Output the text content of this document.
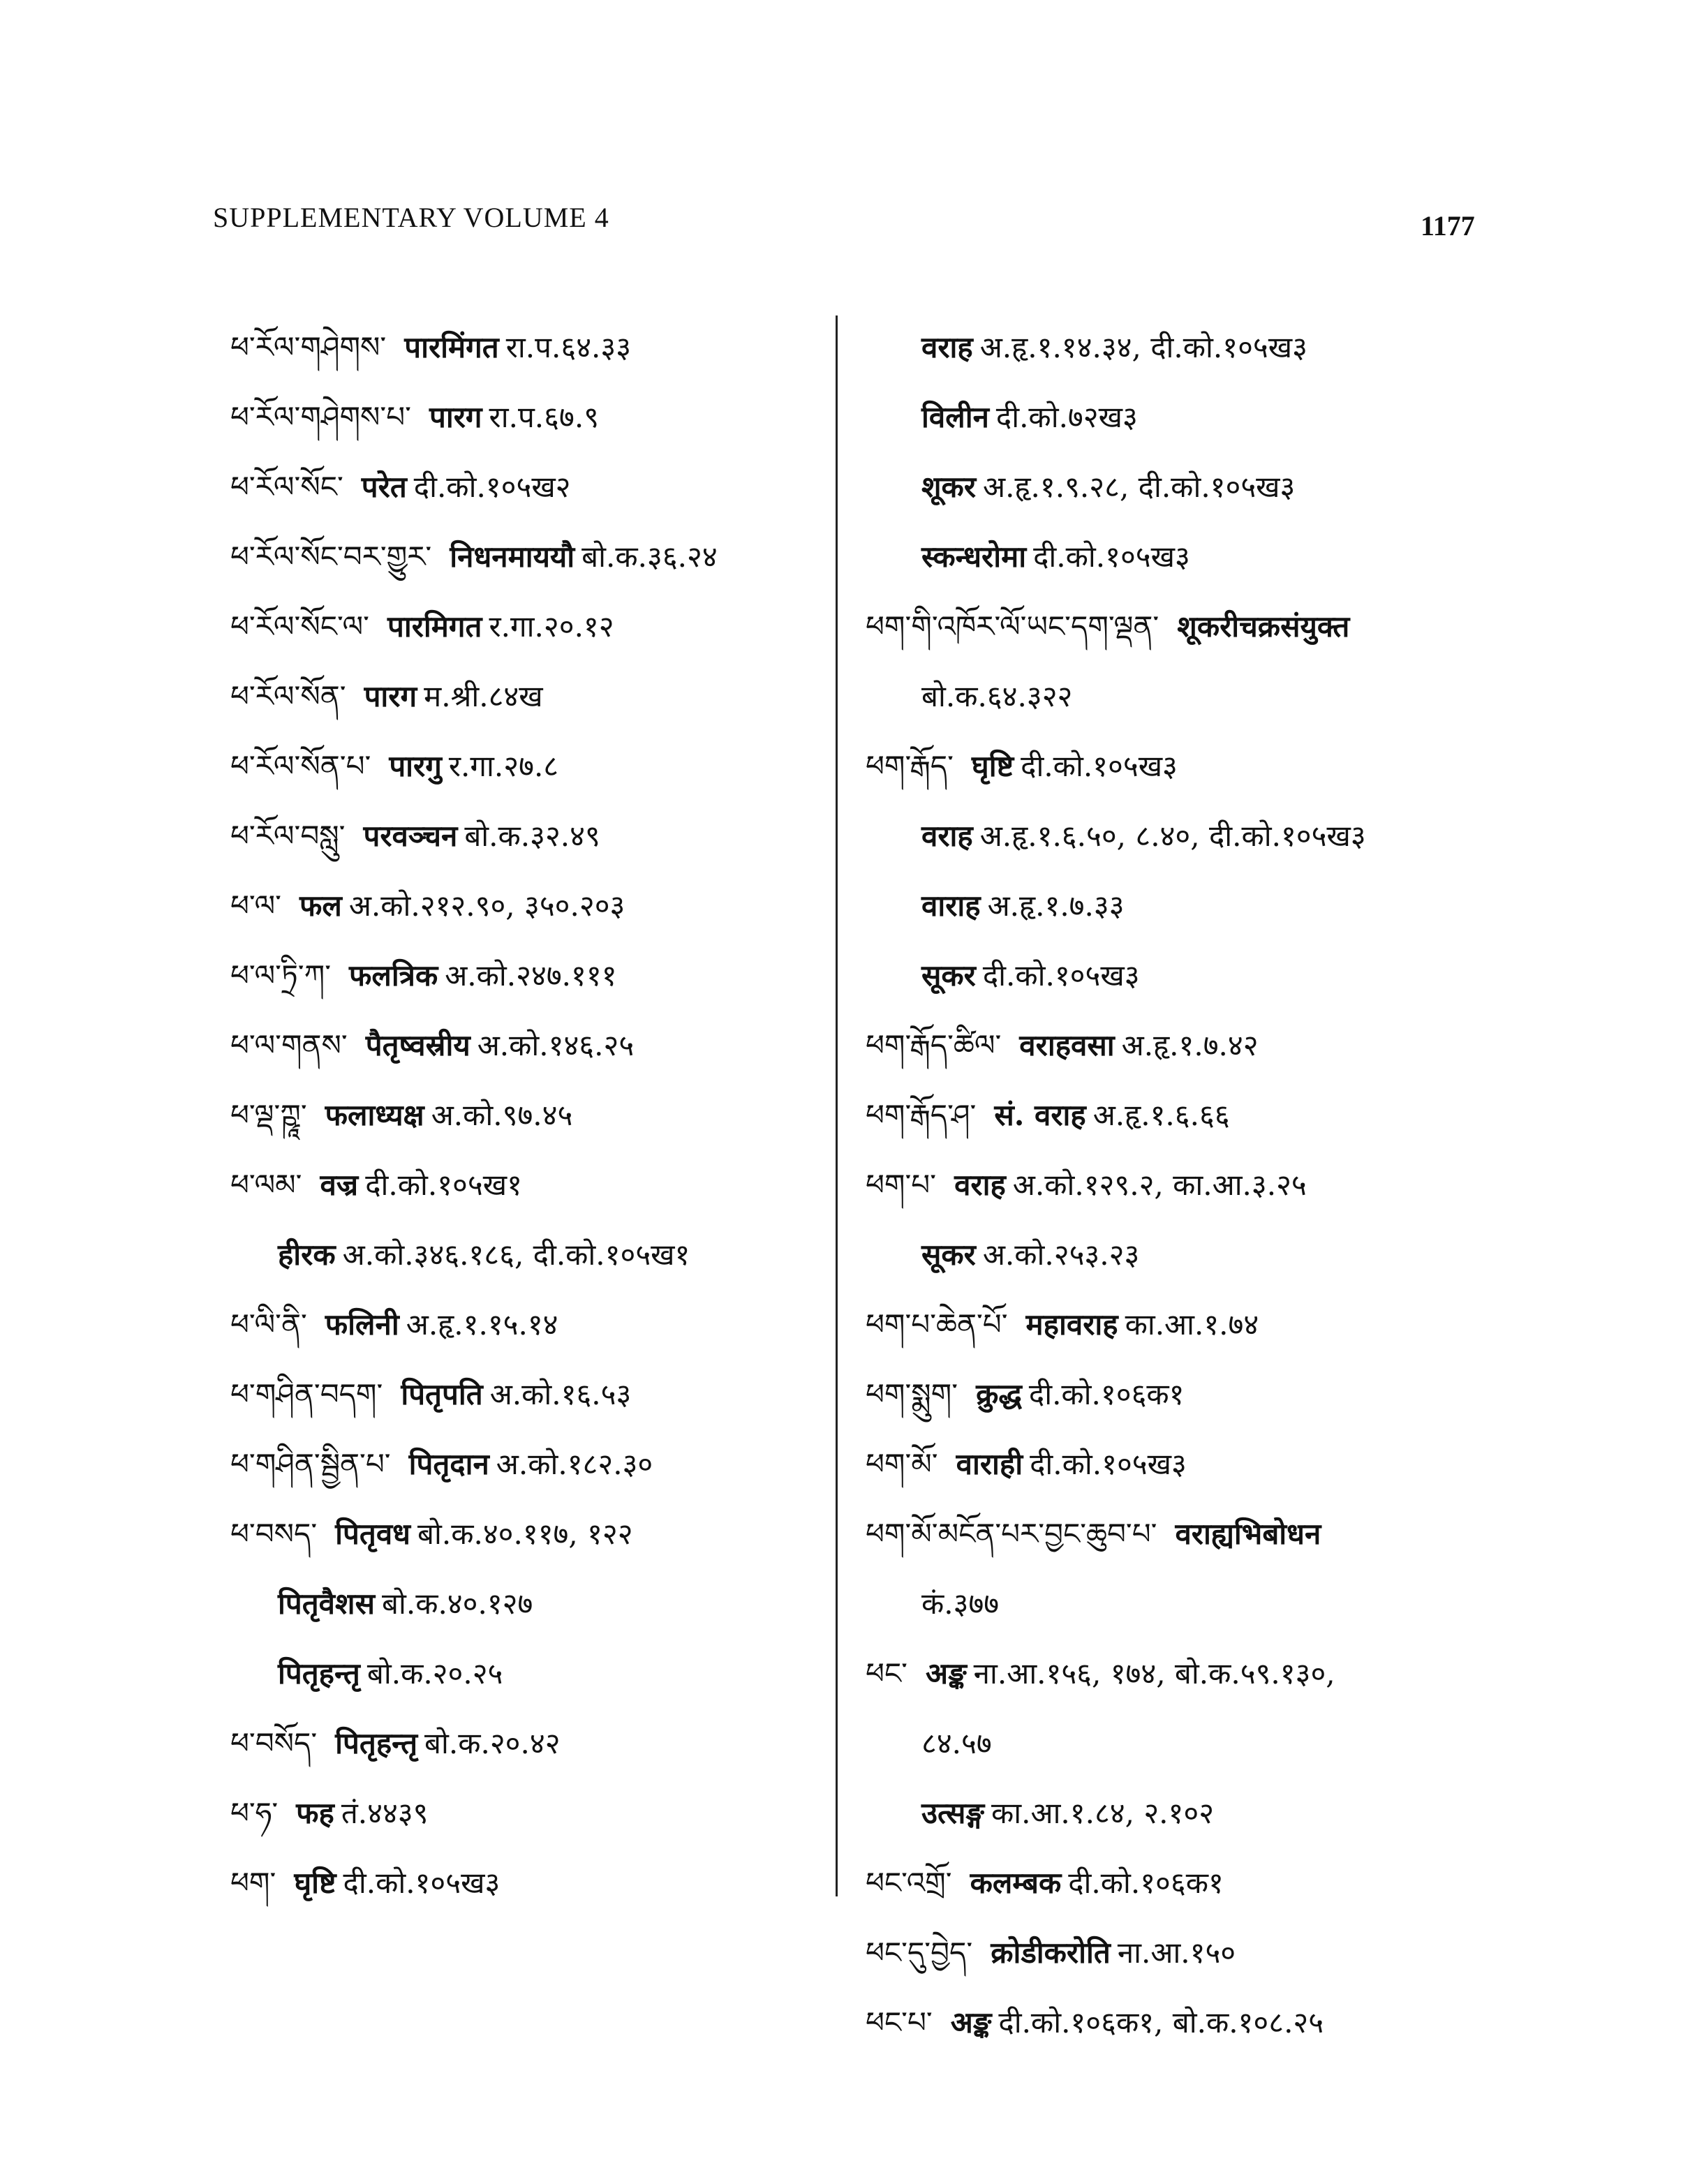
SUPPLEMENTARY VOLUME 4	1177
ཕ་རོལ་གཤེགས་ पारमिंगत रा.प.६४.३३
ཕ་རོལ་གཤེགས་པ་ पारग रा.प.६७.९
ཕ་རོལ་སོང་ परेत दी.को.१०५ख२
ཕ་རོལ་སོང་བར་གྱུར་ निधनमाययौ बो.क.३६.२४
ཕ་རོལ་སོང་ལ་ पारमिगत र.गा.२०.१२
ཕ་རོལ་སོན་ पारग म.श्री.८४ख
ཕ་རོལ་སོན་པ་ पारगु र.गा.२७.८
ཕ་རོལ་བསླུ་ परवञ्चन बो.क.३२.४९
ཕ་ལ་ फल अ.को.२१२.९०, ३५०.२०३
ཕ་ལ་ཏྲི་ཀ་ फलत्रिक अ.को.२४७.१११
ཕ་ལ་གནས་ पैतृष्वस्रीय अ.को.१४६.२५
ཕ་ལྡ་ཀྵཱ་ फलाध्यक्ष अ.को.९७.४५
ཕ་ལམ་ वज्र दी.को.१०५ख१
हीरक अ.को.३४६.१८६, दी.को.१०५ख१
ཕ་ལི་ནི་ फलिनी अ.हृ.१.१५.१४
ཕ་གཤིན་བདག་ पितृपति अ.को.१६.५३
ཕ་གཤིན་སྦྱིན་པ་ पितृदान अ.को.१८२.३०
ཕ་བསད་ पितृवध बो.क.४०.११७, १२२
पितृवैशस बो.क.४०.१२७
पितृहन्तृ बो.क.२०.२५
ཕ་བསོད་ पितृहन्तृ बो.क.२०.४२
ཕ་ཧ་ फह तं.४४३९
ཕག་ घृष्टि दी.को.१०५ख३
वराह अ.हृ.१.१४.३४, दी.को.१०५ख३
विलीन दी.को.७२ख३
शूकर अ.हृ.१.९.२८, दी.को.१०५ख३
स्कन्धरोमा दी.को.१०५ख३
ཕག་གི་འཁོར་ལོ་ཡང་དག་ལྡན་ शूकरीचक्रसंयुक्त
बो.क.६४.३२२
ཕག་རྒོད་ घृष्टि दी.को.१०५ख३
वराह अ.हृ.१.६.५०, ८.४०, दी.को.१०५ख३
वाराह अ.हृ.१.७.३३
सूकर दी.को.१०५ख३
ཕག་རྒོད་ཚིལ་ वराहवसा अ.हृ.१.७.४२
ཕག་རྒོད་ཤ་ सं. वराह अ.हृ.१.६.६६
ཕག་པ་ वराह अ.को.१२९.२, का.आ.३.२५
सूकर अ.को.२५३.२३
ཕག་པ་ཆེན་པོ་ महावराह का.आ.१.७४
ཕག་སྨུག་ क्रुद्ध दी.को.१०६क१
ཕག་མོ་ वाराही दी.को.१०५ख३
ཕག་མོ་མངོན་པར་བྱང་ཆུབ་པ་ वराह्यभिबोधन
कं.३७७
ཕང་ अङ्क ना.आ.१५६, १७४, बो.क.५९.१३०,
८४.५७
उत्सङ्ग का.आ.१.८४, २.१०२
ཕང་འགྲོ་ कलम्बक दी.को.१०६क१
ཕང་དུ་བྱེད་ क्रोडीकरोति ना.आ.१५०
ཕང་པ་ अङ्क दी.को.१०६क१, बो.क.१०८.२५
